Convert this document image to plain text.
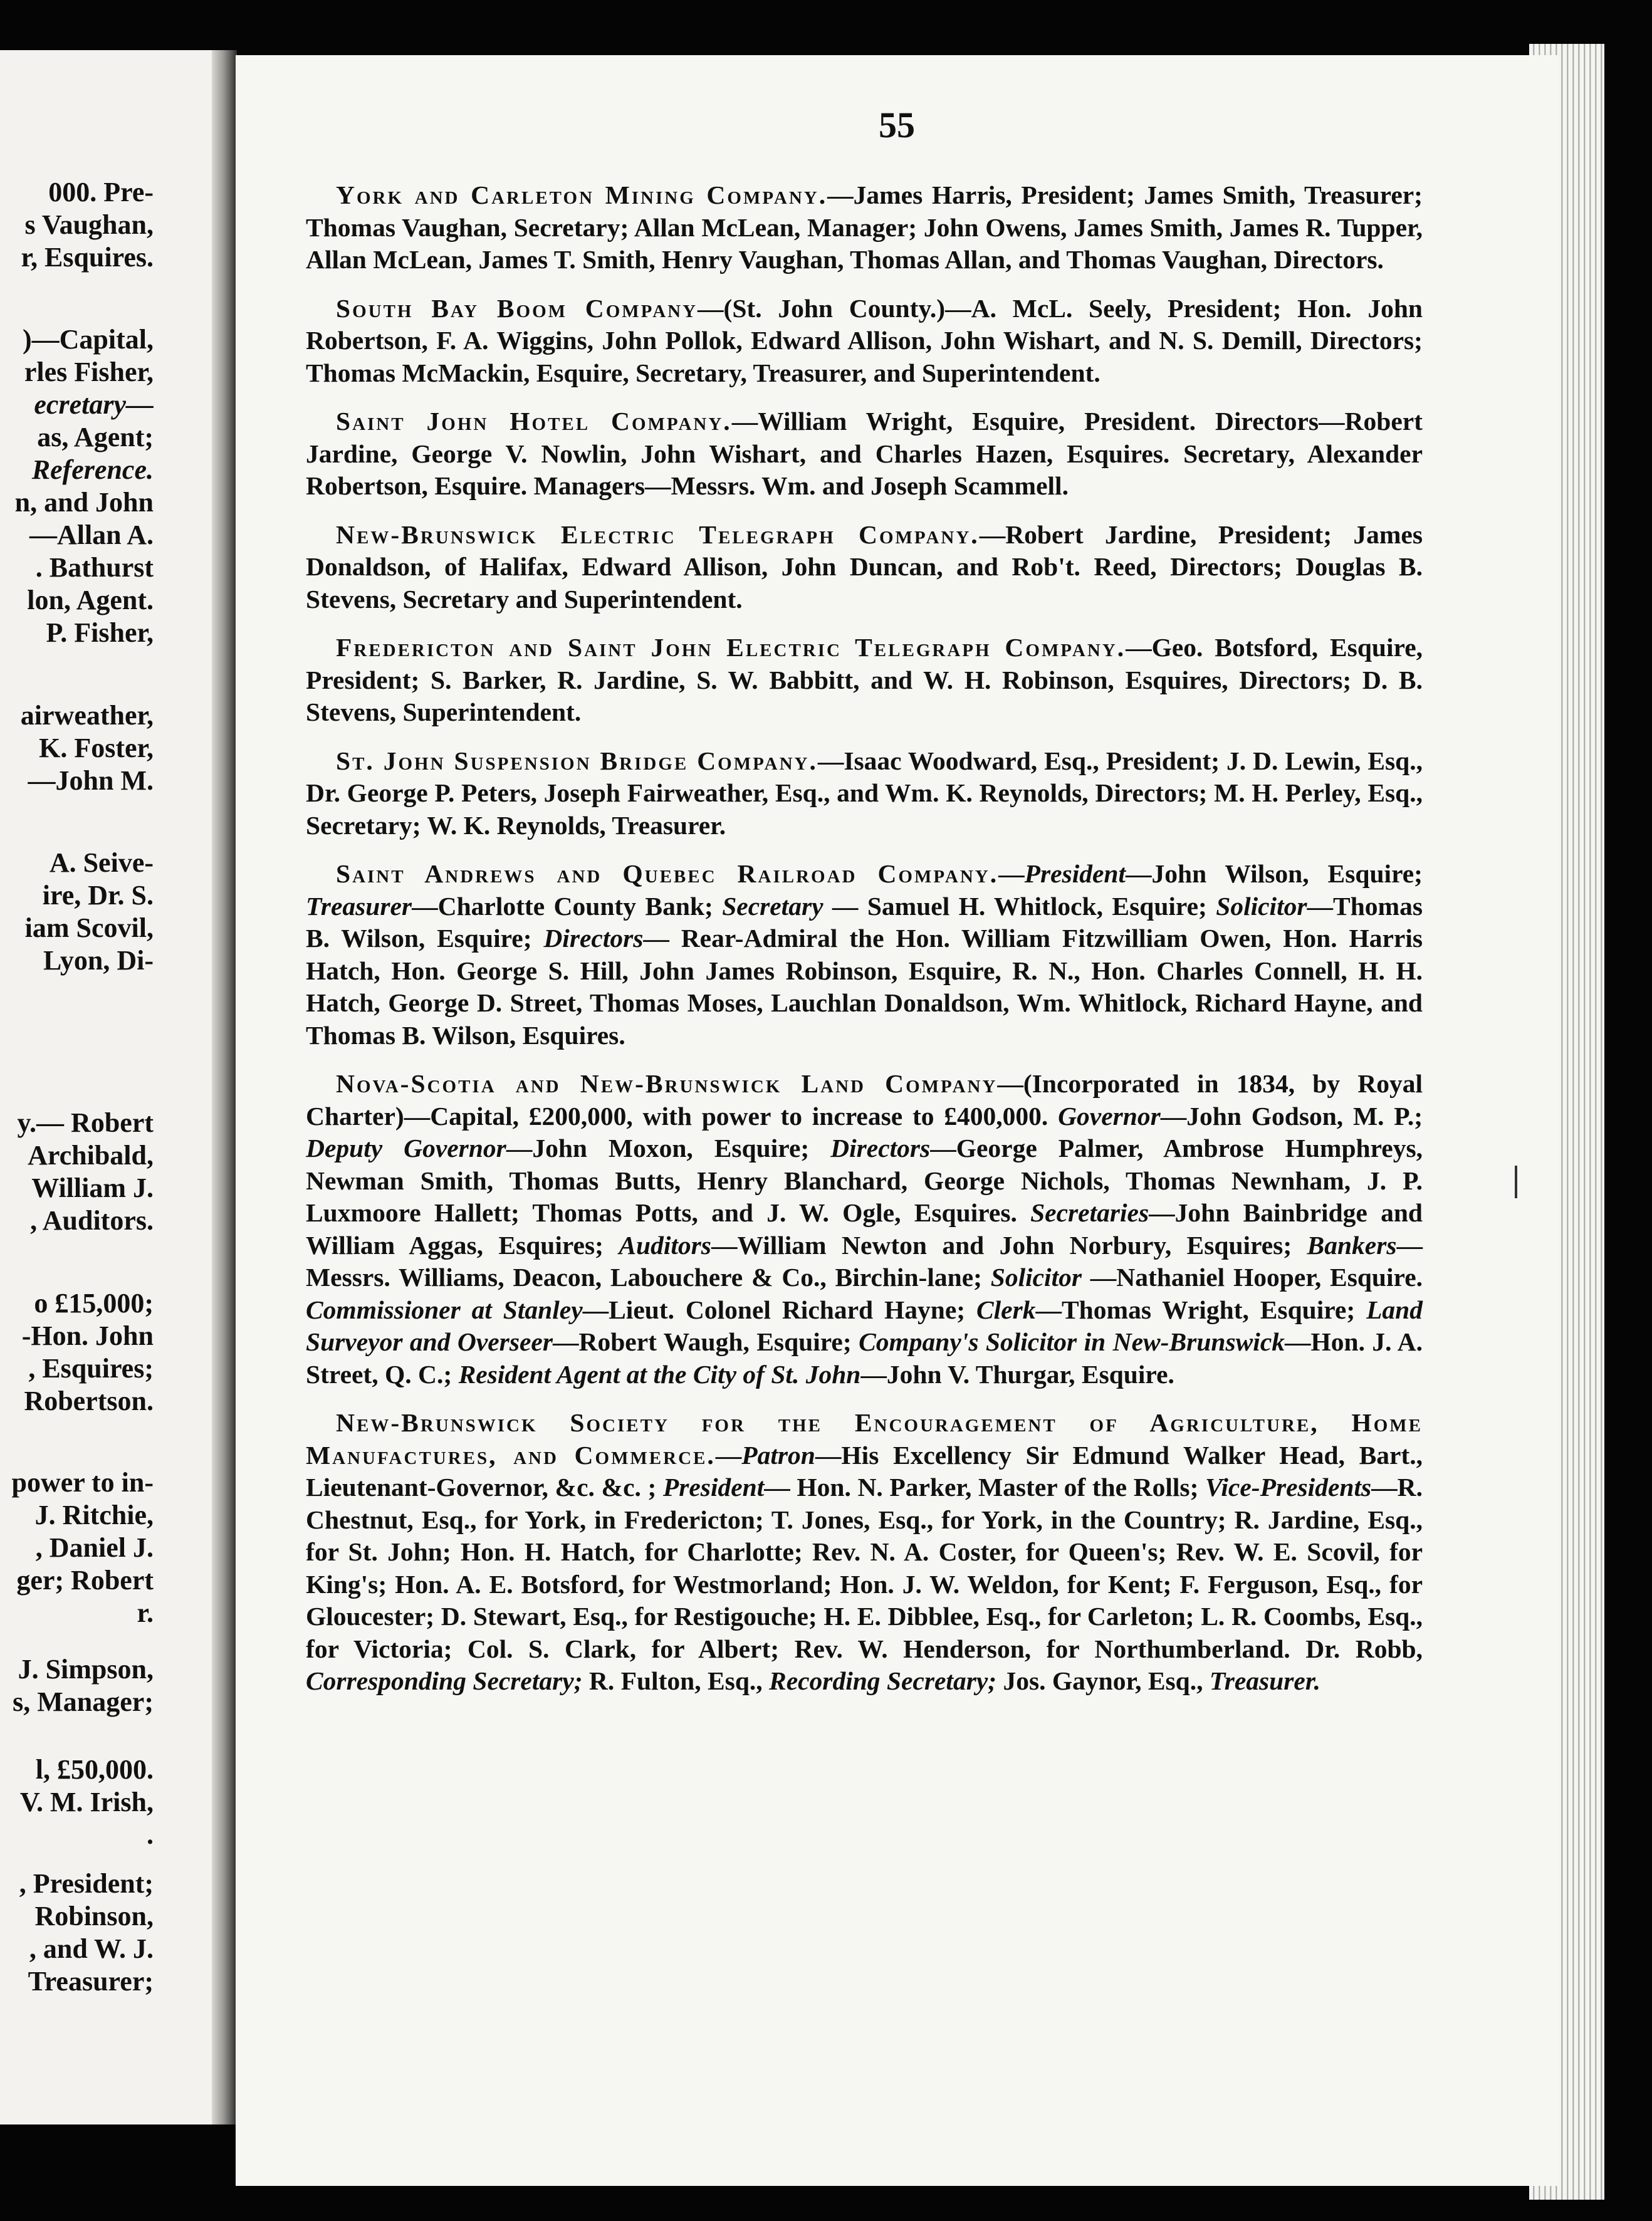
000. Pre-
s Vaughan,
r, Esquires.
)—Capital,
rles Fisher,
ecretary—
as, Agent;
Reference.
n, and John
—Allan A.
. Bathurst
lon, Agent.
P. Fisher,
airweather,
K. Foster,
—John M.
A. Seive-
ire, Dr. S.
iam Scovil,
Lyon, Di-
y.— Robert
Archibald,
William J.
, Auditors.
o £15,000;
-Hon. John
, Esquires;
Robertson.
power to in-
J. Ritchie,
, Daniel J.
ger; Robert
r.
J. Simpson,
s, Manager;
l, £50,000.
V. M. Irish,
.
, President;
Robinson,
, and W. J.
Treasurer;
55

York and Carleton Mining Company.—James Harris, President; James Smith, Treasurer; Thomas Vaughan, Secretary; Allan McLean, Manager; John Owens, James Smith, James R. Tupper, Allan McLean, James T. Smith, Henry Vaughan, Thomas Allan, and Thomas Vaughan, Directors.

South Bay Boom Company—(St. John County.)—A. McL. Seely, President; Hon. John Robertson, F. A. Wiggins, John Pollok, Edward Allison, John Wishart, and N. S. Demill, Directors; Thomas McMackin, Esquire, Secretary, Treasurer, and Superintendent.

Saint John Hotel Company.—William Wright, Esquire, President. Directors—Robert Jardine, George V. Nowlin, John Wishart, and Charles Hazen, Esquires. Secretary, Alexander Robertson, Esquire. Managers—Messrs. Wm. and Joseph Scammell.

New-Brunswick Electric Telegraph Company.—Robert Jardine, President; James Donaldson, of Halifax, Edward Allison, John Duncan, and Rob't. Reed, Directors; Douglas B. Stevens, Secretary and Superintendent.

Fredericton and Saint John Electric Telegraph Company.—Geo. Botsford, Esquire, President; S. Barker, R. Jardine, S. W. Babbitt, and W. H. Robinson, Esquires, Directors; D. B. Stevens, Superintendent.

St. John Suspension Bridge Company.—Isaac Woodward, Esq., President; J. D. Lewin, Esq., Dr. George P. Peters, Joseph Fairweather, Esq., and Wm. K. Reynolds, Directors; M. H. Perley, Esq., Secretary; W. K. Reynolds, Treasurer.

Saint Andrews and Quebec Railroad Company.—President—John Wilson, Esquire; Treasurer—Charlotte County Bank; Secretary — Samuel H. Whitlock, Esquire; Solicitor—Thomas B. Wilson, Esquire; Directors— Rear-Admiral the Hon. William Fitzwilliam Owen, Hon. Harris Hatch, Hon. George S. Hill, John James Robinson, Esquire, R. N., Hon. Charles Connell, H. H. Hatch, George D. Street, Thomas Moses, Lauchlan Donaldson, Wm. Whitlock, Richard Hayne, and Thomas B. Wilson, Esquires.

Nova-Scotia and New-Brunswick Land Company—(Incorporated in 1834, by Royal Charter)—Capital, £200,000, with power to increase to £400,000. Governor—John Godson, M. P.; Deputy Governor—John Moxon, Esquire; Directors—George Palmer, Ambrose Humphreys, Newman Smith, Thomas Butts, Henry Blanchard, George Nichols, Thomas Newnham, J. P. Luxmoore Hallett; Thomas Potts, and J. W. Ogle, Esquires. Secretaries—John Bainbridge and William Aggas, Esquires; Auditors—William Newton and John Norbury, Esquires; Bankers—Messrs. Williams, Deacon, Labouchere & Co., Birchin-lane; Solicitor —Nathaniel Hooper, Esquire. Commissioner at Stanley—Lieut. Colonel Richard Hayne; Clerk—Thomas Wright, Esquire; Land Surveyor and Overseer—Robert Waugh, Esquire; Company's Solicitor in New-Brunswick—Hon. J. A. Street, Q. C.; Resident Agent at the City of St. John—John V. Thurgar, Esquire.

New-Brunswick Society for the Encouragement of Agriculture, Home Manufactures, and Commerce.—Patron—His Excellency Sir Edmund Walker Head, Bart., Lieutenant-Governor, &c. &c. ; President— Hon. N. Parker, Master of the Rolls; Vice-Presidents—R. Chestnut, Esq., for York, in Fredericton; T. Jones, Esq., for York, in the Country; R. Jardine, Esq., for St. John; Hon. H. Hatch, for Charlotte; Rev. N. A. Coster, for Queen's; Rev. W. E. Scovil, for King's; Hon. A. E. Botsford, for Westmorland; Hon. J. W. Weldon, for Kent; F. Ferguson, Esq., for Gloucester; D. Stewart, Esq., for Restigouche; H. E. Dibblee, Esq., for Carleton; L. R. Coombs, Esq., for Victoria; Col. S. Clark, for Albert; Rev. W. Henderson, for Northumberland. Dr. Robb, Corresponding Secretary; R. Fulton, Esq., Recording Secretary; Jos. Gaynor, Esq., Treasurer.
